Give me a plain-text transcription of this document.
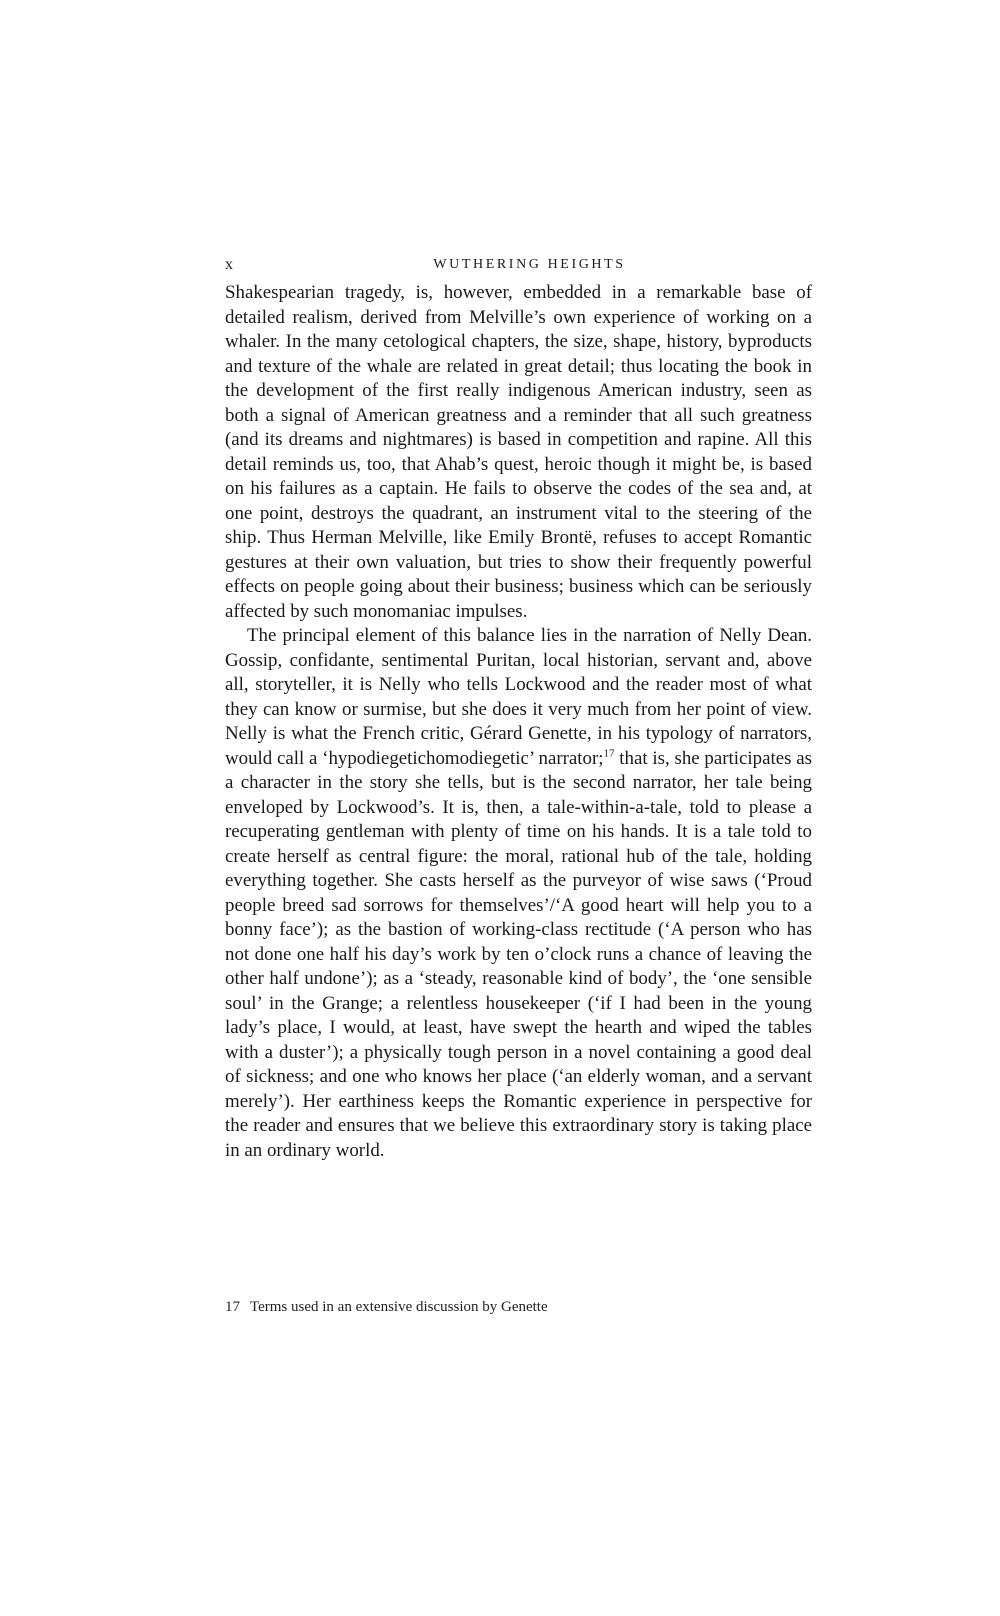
x	WUTHERING HEIGHTS

Shakespearian tragedy, is, however, embedded in a remarkable base of detailed realism, derived from Melville’s own experience of working on a whaler. In the many cetological chapters, the size, shape, history, byproducts and texture of the whale are related in great detail; thus locating the book in the development of the first really indigenous American industry, seen as both a signal of American greatness and a reminder that all such greatness (and its dreams and nightmares) is based in competition and rapine. All this detail reminds us, too, that Ahab’s quest, heroic though it might be, is based on his failures as a captain. He fails to observe the codes of the sea and, at one point, destroys the quadrant, an instrument vital to the steering of the ship. Thus Herman Melville, like Emily Brontë, refuses to accept Romantic gestures at their own valuation, but tries to show their frequently powerful effects on people going about their business; business which can be seriously affected by such monomaniac impulses.

The principal element of this balance lies in the narration of Nelly Dean. Gossip, confidante, sentimental Puritan, local historian, servant and, above all, storyteller, it is Nelly who tells Lockwood and the reader most of what they can know or surmise, but she does it very much from her point of view. Nelly is what the French critic, Gérard Genette, in his typology of narrators, would call a ‘hypodiegetichomodiegetic’ narrator;$^{17}$ that is, she participates as a character in the story she tells, but is the second narrator, her tale being enveloped by Lockwood’s. It is, then, a tale-within-a-tale, told to please a recuperating gentleman with plenty of time on his hands. It is a tale told to create herself as central figure: the moral, rational hub of the tale, holding everything together. She casts herself as the purveyor of wise saws (‘Proud people breed sad sorrows for themselves’/‘A good heart will help you to a bonny face’); as the bastion of working-class rectitude (‘A person who has not done one half his day’s work by ten o’clock runs a chance of leaving the other half undone’); as a ‘steady, reasonable kind of body’, the ‘one sensible soul’ in the Grange; a relentless housekeeper (‘if I had been in the young lady’s place, I would, at least, have swept the hearth and wiped the tables with a duster’); a physically tough person in a novel containing a good deal of sickness; and one who knows her place (‘an elderly woman, and a servant merely’). Her earthiness keeps the Romantic experience in perspective for the reader and ensures that we believe this extraordinary story is taking place in an ordinary world.

17 Terms used in an extensive discussion by Genette
